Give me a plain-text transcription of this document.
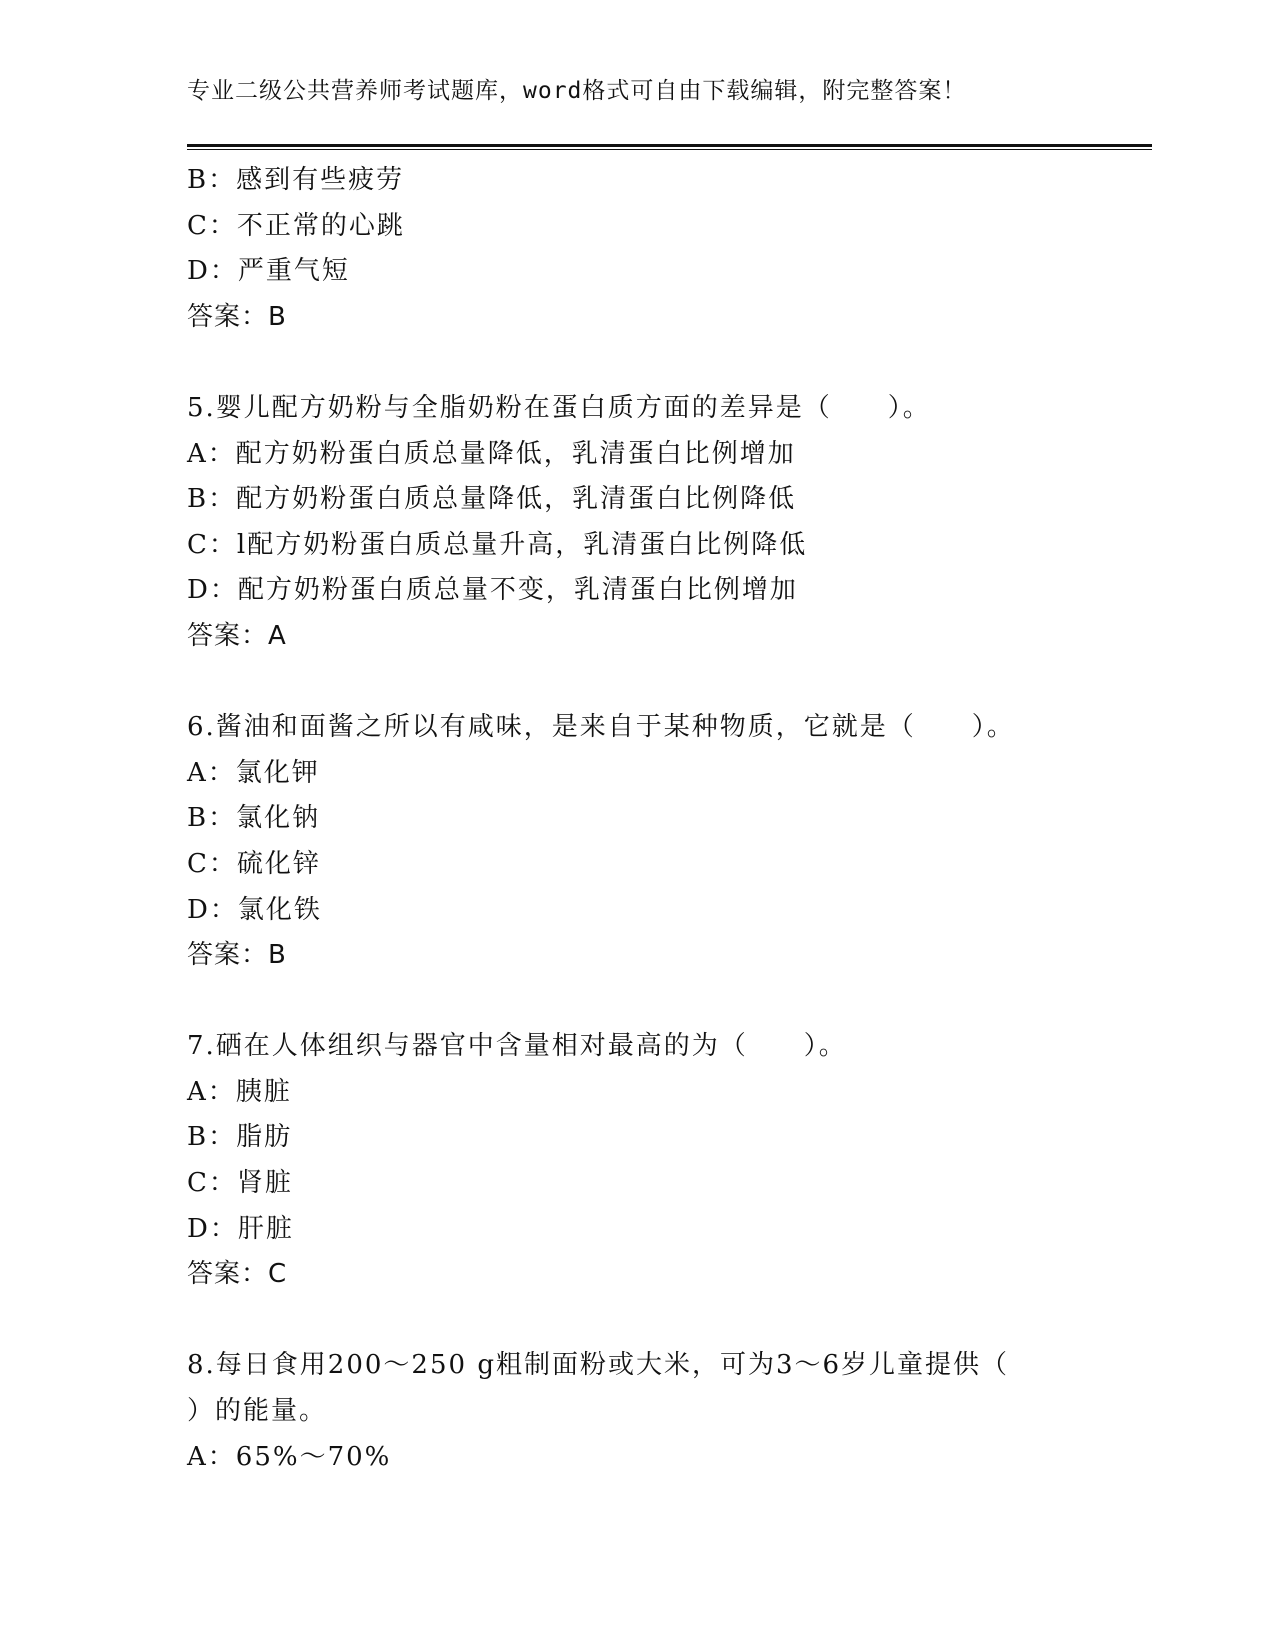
专业二级公共营养师考试题库，word格式可自由下载编辑，附完整答案！
B：感到有些疲劳
C：不正常的心跳
D：严重气短
答案：B
5.婴儿配方奶粉与全脂奶粉在蛋白质方面的差异是（　　）。
A：配方奶粉蛋白质总量降低，乳清蛋白比例增加
B：配方奶粉蛋白质总量降低，乳清蛋白比例降低
C：l配方奶粉蛋白质总量升高，乳清蛋白比例降低
D：配方奶粉蛋白质总量不变，乳清蛋白比例增加
答案：A
6.酱油和面酱之所以有咸味，是来自于某种物质，它就是（　　）。
A：氯化钾
B：氯化钠
C：硫化锌
D：氯化铁
答案：B
7.硒在人体组织与器官中含量相对最高的为（　　）。
A：胰脏
B：脂肪
C：肾脏
D：肝脏
答案：C
8.每日食用200～250 g粗制面粉或大米，可为3～6岁儿童提供（
）的能量。
A：65%～70%
